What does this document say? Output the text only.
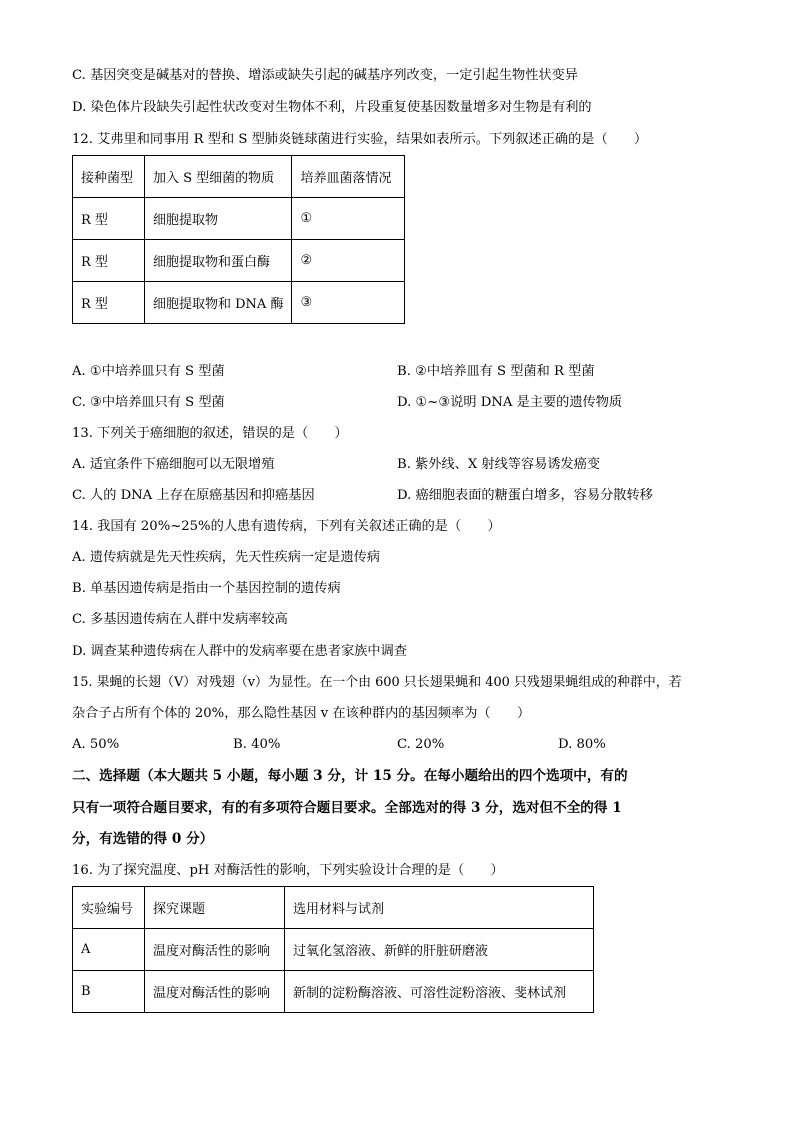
C. 基因突变是碱基对的替换、增添或缺失引起的碱基序列改变，一定引起生物性状变异
D. 染色体片段缺失引起性状改变对生物体不利，片段重复使基因数量增多对生物是有利的
12. 艾弗里和同事用 R 型和 S 型肺炎链球菌进行实验，结果如表所示。下列叙述正确的是（　　）
接种菌型	加入 S 型细菌的物质	培养皿菌落情况
R 型	细胞提取物	①
R 型	细胞提取物和蛋白酶	②
R 型	细胞提取物和 DNA 酶	③
A. ①中培养皿只有 S 型菌	B. ②中培养皿有 S 型菌和 R 型菌
C. ③中培养皿只有 S 型菌	D. ①~③说明 DNA 是主要的遗传物质
13. 下列关于癌细胞的叙述，错误的是（　　）
A. 适宜条件下癌细胞可以无限增殖	B. 紫外线、X 射线等容易诱发癌变
C. 人的 DNA 上存在原癌基因和抑癌基因	D. 癌细胞表面的糖蛋白增多，容易分散转移
14. 我国有 20%~25%的人患有遗传病，下列有关叙述正确的是（　　）
A. 遗传病就是先天性疾病，先天性疾病一定是遗传病
B. 单基因遗传病是指由一个基因控制的遗传病
C. 多基因遗传病在人群中发病率较高
D. 调查某种遗传病在人群中的发病率要在患者家族中调查
15. 果蝇的长翅（V）对残翅（v）为显性。在一个由 600 只长翅果蝇和 400 只残翅果蝇组成的种群中，若
杂合子占所有个体的 20%，那么隐性基因 v 在该种群内的基因频率为（　　）
A. 50%	B. 40%	C. 20%	D. 80%
二、选择题（本大题共 5 小题，每小题 3 分，计 15 分。在每小题给出的四个选项中，有的
只有一项符合题目要求，有的有多项符合题目要求。全部选对的得 3 分，选对但不全的得 1
分，有选错的得 0 分）
16. 为了探究温度、pH 对酶活性的影响，下列实验设计合理的是（　　）
实验编号	探究课题	选用材料与试剂
A	温度对酶活性的影响	过氧化氢溶液、新鲜的肝脏研磨液
B	温度对酶活性的影响	新制的淀粉酶溶液、可溶性淀粉溶液、斐林试剂
